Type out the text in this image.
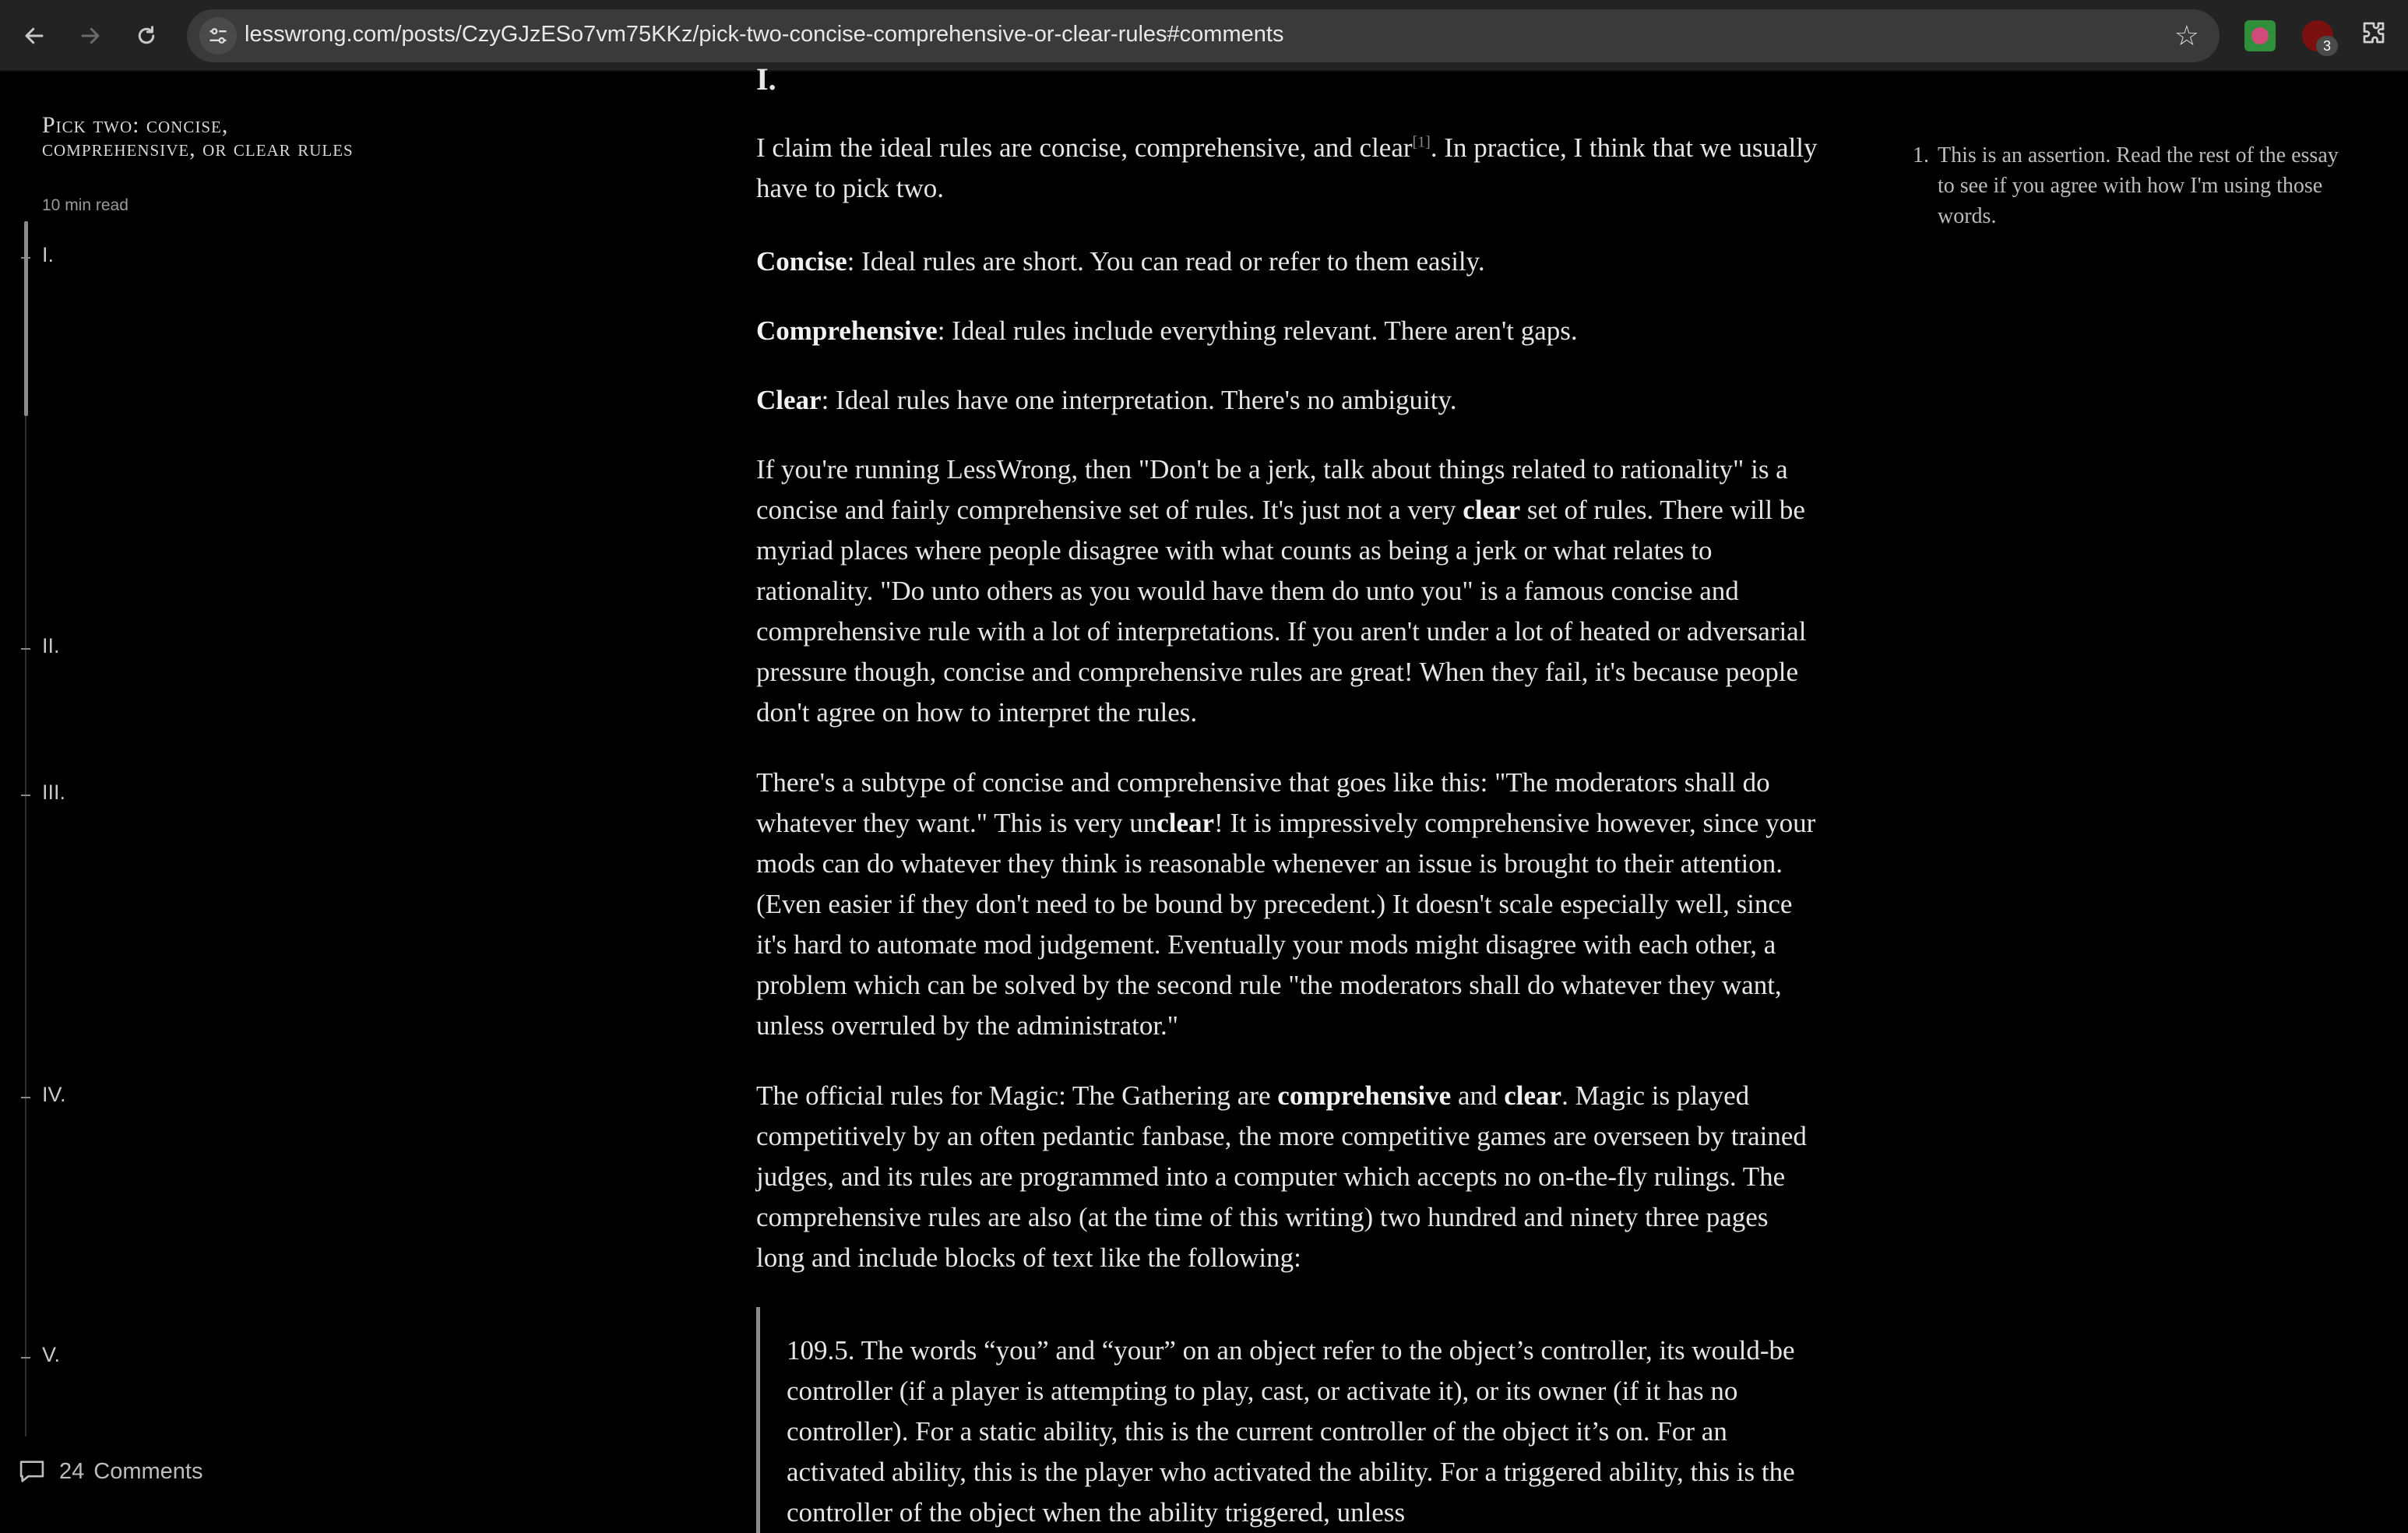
lesswrong.com/posts/CzyGJzESo7vm75KKz/pick-two-concise-comprehensive-or-clear-rules#comments	☆	3
Pick two: concise, comprehensive, or clear rules
10 min read
I.
II.
III.
IV.
V.
24 Comments
I.

I claim the ideal rules are concise, comprehensive, and clear[1]. In practice, I think that we usually have to pick two.

Concise: Ideal rules are short. You can read or refer to them easily.

Comprehensive: Ideal rules include everything relevant. There aren't gaps.

Clear: Ideal rules have one interpretation. There's no ambiguity.

If you're running LessWrong, then "Don't be a jerk, talk about things related to rationality" is a concise and fairly comprehensive set of rules. It's just not a very clear set of rules. There will be myriad places where people disagree with what counts as being a jerk or what relates to rationality. "Do unto others as you would have them do unto you" is a famous concise and comprehensive rule with a lot of interpretations. If you aren't under a lot of heated or adversarial pressure though, concise and comprehensive rules are great! When they fail, it's because people don't agree on how to interpret the rules.

There's a subtype of concise and comprehensive that goes like this: "The moderators shall do whatever they want." This is very unclear! It is impressively comprehensive however, since your mods can do whatever they think is reasonable whenever an issue is brought to their attention. (Even easier if they don't need to be bound by precedent.) It doesn't scale especially well, since it's hard to automate mod judgement. Eventually your mods might disagree with each other, a problem which can be solved by the second rule "the moderators shall do whatever they want, unless overruled by the administrator."

The official rules for Magic: The Gathering are comprehensive and clear. Magic is played competitively by an often pedantic fanbase, the more competitive games are overseen by trained judges, and its rules are programmed into a computer which accepts no on-the-fly rulings. The comprehensive rules are also (at the time of this writing) two hundred and ninety three pages long and include blocks of text like the following:

109.5. The words “you” and “your” on an object refer to the object’s controller, its would-be controller (if a player is attempting to play, cast, or activate it), or its owner (if it has no controller). For a static ability, this is the current controller of the object it’s on. For an activated ability, this is the player who activated the ability. For a triggered ability, this is the controller of the object when the ability triggered, unless

1. This is an assertion. Read the rest of the essay to see if you agree with how I'm using those words.
